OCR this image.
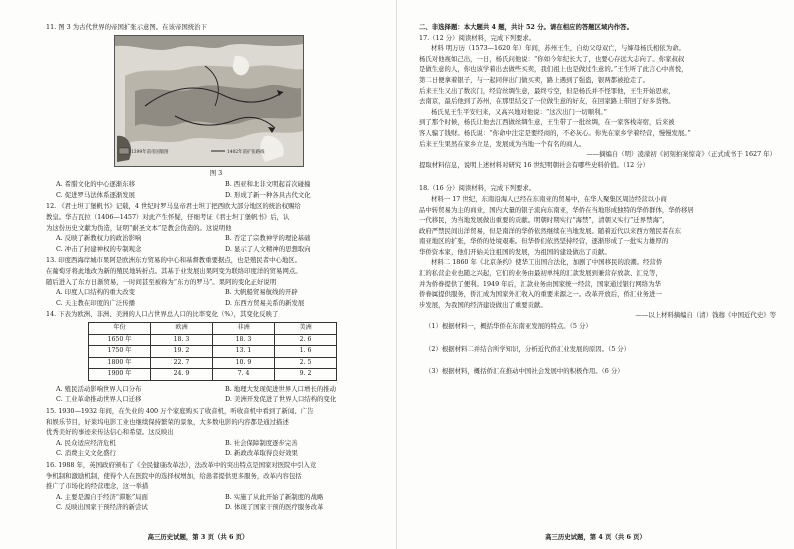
11. 图 3 为古代世界的帝国扩张示意图。在该帝国统治下
1399年前帝国版图	1402年前扩张路线
图 3
A. 希腊文化的中心逐渐东移	B. 西亚和北非文明起首次碰撞
C. 促进罗马法体系逐渐发展	D. 形成了新一种各具古代文化
12. 《君士坦丁堡帆书》记载，4 世纪时罗马皇帝君士坦丁把西欧大部分地区的统治权赐给
教皇。华吉瓦拉（1406—1457）对此产生怀疑，仔细考证《君士坦丁堡帆书》后，认
为这份历史文献为伪造，证明“耐圣文本”是教会伪造的。这说明他
A. 反映了新教权力的政治影响	B. 否定了宗教神学的理论基础
C. 冲击了封建神权的专制观念	D. 显示了人文精神的思想取向
13. 印度西海岸城市果阿是欧洲东方贸易的中心和基督教重要据点，也是殖民者中心地区。
在葡萄牙将此地改为新的殖民地转折点。其基于业发展出果阿变为联络印度洋的贸易网点。
随后进入了东方日渐贸易，一时间甚至被称为“东方的罗马”。果阿的变化正好说明
A. 印度人口结构的重大改变	B. 大帆船贸易航线的开辟
C. 天主教在印度的广泛传播	D. 东西方贸易关系的新发展
14. 下表为欧洲、非洲、美洲的人口占世界总人口的比率变化（%），其变化反映了
年份	欧洲	非洲	美洲
1650 年	18. 3	18. 3	2. 6
1750 年	19. 2	13. 1	1. 6
1800 年	22. 7	10. 9	2. 5
1900 年	24. 9	7. 4	9. 2
A. 殖民活动影响世界人口分布	B. 地理大发现促进世界人口增长的推动
C. 工业革命推动世界人口迁移	D. 美洲开发促进了世界人口结构的变化
15. 1930—1932 年间，在失业的 400 万个家庭购买了收音机，听收音机中看到了新闻、广告
和娱乐节目，好莱坞电影工业也继续保持繁荣的景象，大多数电影的内容都是通过描述
优秀美好的事迹来传达信心和希望。这反映出
A. 民众适应经济危机	B. 社会保障制度逐步完善
C. 消费主义文化盛行	D. 新政改革取得良好效果
16. 1988 年，英国政府颁布了《全民健康改革法》，法改革中的突出特点是国家对医院中引入竞
争机制和激励机制，使得个人在医院中的选择权增加，给患者提供更多服务，改革内容包括
推广了市场化的经营理念，这一举措
A. 主要是源自于经济“滞胀”局面	B. 实施了从此开始了新制度的战略
C. 反映出国家干预经济的新尝试	D. 体现了国家干预的医疗服务改革
高三历史试题，第 3 页（共 6 页）
二、非选择题：本大题共 4 题，共计 52 分。请在相应的答题区域内作答。
17.（12 分）阅读材料，完成下列要求。
材料 明万历（1573—1620 年）年间，苏州王生，自幼父母双亡，与婶母杨氏相依为命。
杨氏对他视如己出，一日，杨氏问他说：“你如今年纪长大了，也要心存远大志向了。你家叔叔
是做生意的人，你也该学着出去做些买卖，我们祖上也是做过生意的。”王生听了此言心中喜悦，
第二日便拿着银子，与一起同伴出门做买卖，路上遇到了强盗，银两都被抢走了。
后来王生又出了数次门，经营丝绸生意，最终亏空，但是杨氏并不怪罪他，王生开始思索，
去南京，最后他到了苏州，在那里结交了一位做生意的好友，在回家路上带回了好多货物。
杨氏见王生平安归来，又高兴地对他说：“这次出门一切顺利。”
到了那个时候，杨氏让他去江西做丝绸生意，王生带了一批丝绸，在一家客栈寄宿，后来被
客人骗了钱财。杨氏说：“你命中注定是要经商的，不必灰心。你先在家乡学着经营，慢慢发展。”
后来王生果然在家乡立足，发展成为当地一个有名的商人。
——摘编自（明）凌濛初《初刻拍案惊奇》（正式成书于 1627 年）
提取材料信息，说明上述材料对研究 16 世纪明朝社会有哪些史料价值。（12 分）
18.（16 分）阅读材料，完成下列要求。
材料一 17 世纪，东南沿海人已经在东南亚的贸易中，在华人聚集区周边经营以小商
品中转贸易为主的商业，国内大量的银子流向东南亚，华侨在当地形成独特的华侨群体，华侨移居
一代移民，为当地发展做出重要的贡献。明朝时期实行“海禁”，清朝又实行“迁界禁海”，
政府严禁民间出洋贸易，但是南洋的华侨依然继续在当地发展。随着近代以来西方殖民者在东
南亚地区的扩张，华侨的处境艰难。但华侨们依然坚持经营，逐渐形成了一批实力雄厚的
华侨资本家，他们开始关注祖国的发展，为祖国的建设做出了贡献。
材料二 1860 年《北京条约》使华工出国合法化，加剧了中国移民的浪潮。经营侨
汇的私营企业也随之兴起，它们的业务由最初单纯的汇款发展到兼营存放款、汇兑等，
并为侨眷提供了便利。1949 年后，汇款业务由国家统一经营，国家通过银行网络为华
侨眷属提供服务，侨汇成为国家外汇收入的重要来源之一。改革开放后，侨汇业务进一
步发展，为我国的经济建设做出了重要贡献。
——以上材料摘编自（清）钱穆《中国近代史》等
（1）根据材料一，概括华侨在东南亚发展的特点。（5 分）
（2）根据材料二并结合所学知识，分析近代侨汇业发展的原因。（5 分）
（3）根据材料，概括侨汇在推动中国社会发展中的积极作用。（6 分）
高三历史试题，第 4 页（共 6 页）
